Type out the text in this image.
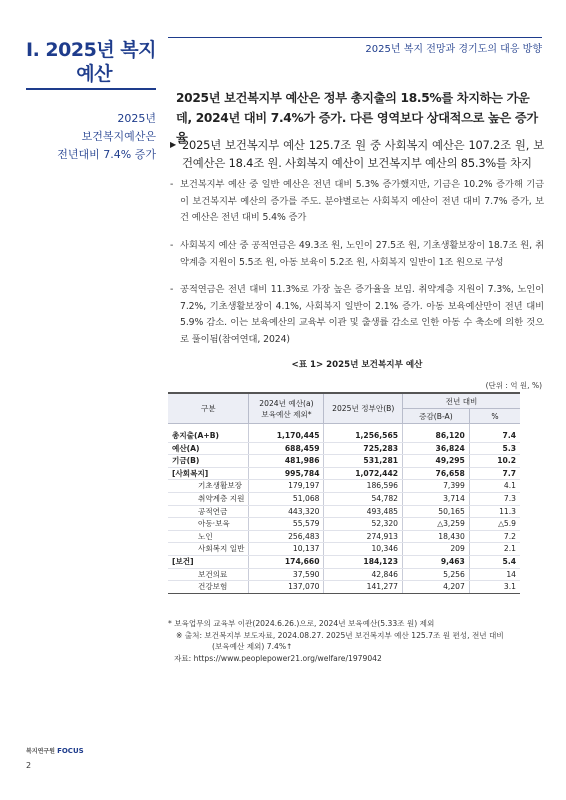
I. 2025년 복지
예산
2025년 복지 전망과 경기도의 대응 방향
2025년
보건복지예산은
전년대비 7.4% 증가
2025년 보건복지부 예산은 정부 총지출의 18.5%를 차지하는 가운데, 2024년 대비 7.4%가 증가. 다른 영역보다 상대적으로 높은 증가율
▶ 2025년 보건복지부 예산 125.7조 원 중 사회복지 예산은 107.2조 원, 보건예산은 18.4조 원. 사회복지 예산이 보건복지부 예산의 85.3%를 차지
- 보건복지부 예산 중 일반 예산은 전년 대비 5.3% 증가했지만, 기금은 10.2% 증가해 기금이 보건복지부 예산의 증가를 주도. 분야별로는 사회복지 예산이 전년 대비 7.7% 증가, 보건 예산은 전년 대비 5.4% 증가
- 사회복지 예산 중 공적연금은 49.3조 원, 노인이 27.5조 원, 기초생활보장이 18.7조 원, 취약계층 지원이 5.5조 원, 아동 보육이 5.2조 원, 사회복지 일반이 1조 원으로 구성
- 공적연금은 전년 대비 11.3%로 가장 높은 증가율을 보임. 취약계층 지원이 7.3%, 노인이 7.2%, 기초생활보장이 4.1%, 사회복지 일반이 2.1% 증가. 아동 보육예산만이 전년 대비 5.9% 감소. 이는 보육예산의 교육부 이관 및 출생률 감소로 인한 아동 수 축소에 의한 것으로 풀이됨(참여연대, 2024)
<표 1> 2025년 보건복지부 예산
(단위 : 억 원, %)
구분	2024년 예산(a)
보육예산 제외*	2025년 정부안(B)	전년 대비	
			증감(B-A)	%

총지출(A+B)	1,170,445	1,256,565	86,120	7.4
예산(A)	688,459	725,283	36,824	5.3
기금(B)	481,986	531,281	49,295	10.2
[사회복지]	995,784	1,072,442	76,658	7.7
기초생활보장	179,197	186,596	7,399	4.1
취약계층 지원	51,068	54,782	3,714	7.3
공적연금	443,320	493,485	50,165	11.3
아동·보육	55,579	52,320	△3,259	△5.9
노인	256,483	274,913	18,430	7.2
사회복지 일반	10,137	10,346	209	2.1
[보건]	174,660	184,123	9,463	5.4
보건의료	37,590	42,846	5,256	14
건강보험	137,070	141,277	4,207	3.1
* 보육업무의 교육부 이관(2024.6.26.)으로, 2024년 보육예산(5.33조 원) 제외
※ 출처: 보건복지부 보도자료, 2024.08.27. 2025년 보건복지부 예산 125.7조 원 편성, 전년 대비
(보육예산 제외) 7.4%↑
자료: https://www.peoplepower21.org/welfare/1979042
복지연구원 FOCUS
2
